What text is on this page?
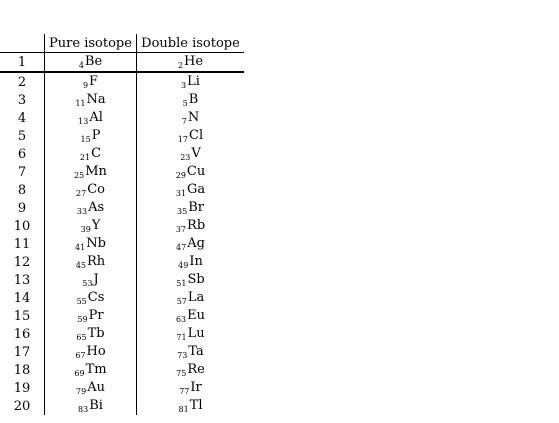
	Pure isotope	Double isotope
1	$_4$Be	$_2$He
2	$_9$F	$_3$Li
3	$_{11}$Na	$_5$B
4	$_{13}$Al	$_7$N
5	$_{15}$P	$_{17}$Cl
6	$_{21}$C	$_{23}$V
7	$_{25}$Mn	$_{29}$Cu
8	$_{27}$Co	$_{31}$Ga
9	$_{33}$As	$_{35}$Br
10	$_{39}$Y	$_{37}$Rb
11	$_{41}$Nb	$_{47}$Ag
12	$_{45}$Rh	$_{49}$In
13	$_{53}$J	$_{51}$Sb
14	$_{55}$Cs	$_{57}$La
15	$_{59}$Pr	$_{63}$Eu
16	$_{65}$Tb	$_{71}$Lu
17	$_{67}$Ho	$_{73}$Ta
18	$_{69}$Tm	$_{75}$Re
19	$_{79}$Au	$_{77}$Ir
20	$_{83}$Bi	$_{81}$Tl
